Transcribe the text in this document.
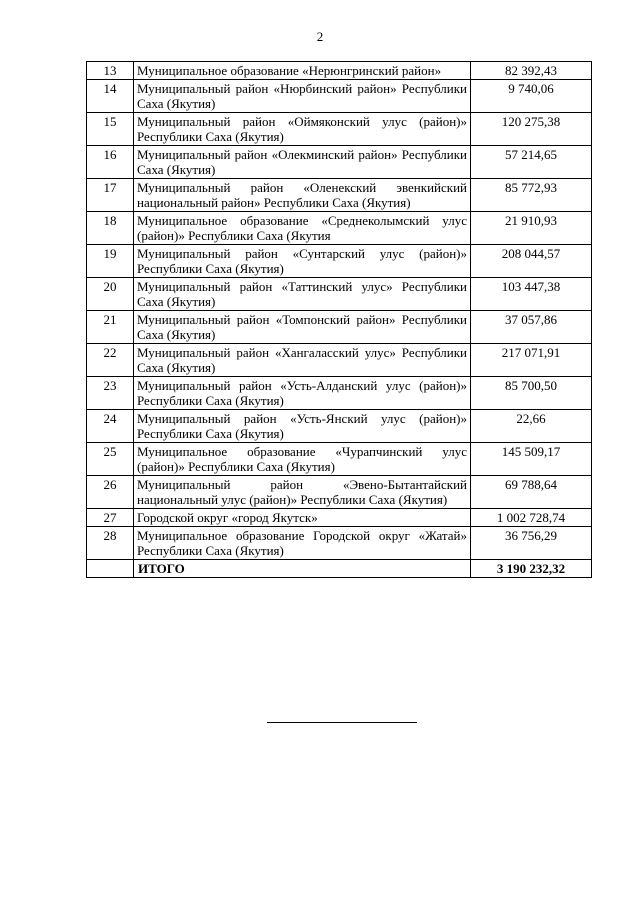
2
13	Муниципальное образование «Нерюнгринский район»	82 392,43
14	Муниципальный район «Нюрбинский район» Республики Саха (Якутия)	9 740,06
15	Муниципальный район «Оймяконский улус (район)» Республики Саха (Якутия)	120 275,38
16	Муниципальный район «Олекминский район» Республики Саха (Якутия)	57 214,65
17	Муниципальный район «Оленекский эвенкийский национальный район» Республики Саха (Якутия)	85 772,93
18	Муниципальное образование «Среднеколымский улус (район)» Республики Саха (Якутия	21 910,93
19	Муниципальный район «Сунтарский улус (район)» Республики Саха (Якутия)	208 044,57
20	Муниципальный район «Таттинский улус» Республики Саха (Якутия)	103 447,38
21	Муниципальный район «Томпонский район» Республики Саха (Якутия)	37 057,86
22	Муниципальный район «Хангаласский улус» Республики Саха (Якутия)	217 071,91
23	Муниципальный район «Усть-Алданский улус (район)» Республики Саха (Якутия)	85 700,50
24	Муниципальный район «Усть-Янский улус (район)» Республики Саха (Якутия)	22,66
25	Муниципальное образование «Чурапчинский улус (район)» Республики Саха (Якутия)	145 509,17
26	Муниципальный район «Эвено-Бытантайский национальный улус (район)» Республики Саха (Якутия)	69 788,64
27	Городской округ «город Якутск»	1 002 728,74
28	Муниципальное образование Городской округ «Жатай» Республики Саха (Якутия)	36 756,29
	ИТОГО	3 190 232,32
